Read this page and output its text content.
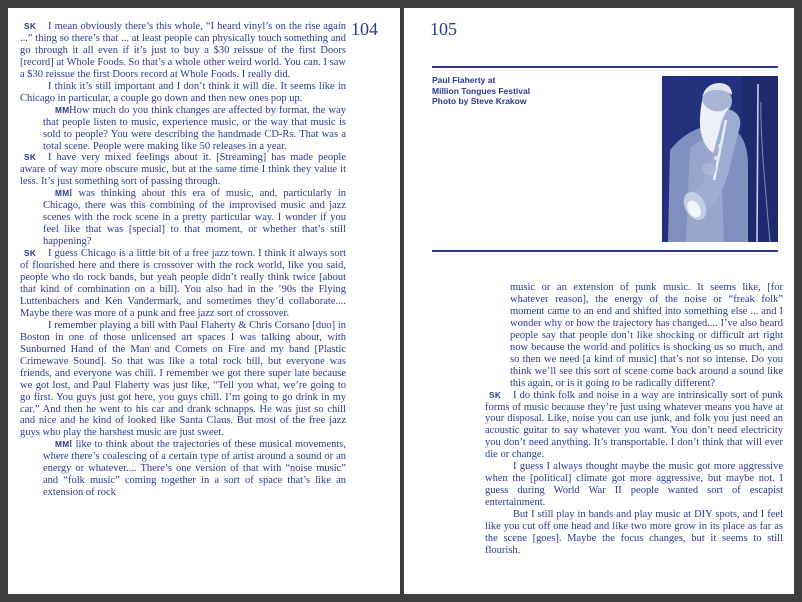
104

SK I mean obviously there’s this whole, “I heard vinyl’s on the rise again ...” thing so there’s that ... at least people can physically touch something and go through it all even if it’s just to buy a $30 reissue of the first Doors [record] at Whole Foods. So that’s a whole other weird world. You can. I saw a $30 reissue the first Doors record at Whole Foods. I really did.

I think it’s still important and I don’t think it will die. It seems like in Chicago in particular, a couple go down and then new ones pop up.

MMHow much do you think changes are affected by format, the way that people listen to music, experience music, or the way that music is sold to people? You were describing the handmade CD-Rs. That was a total scene. People were making like 50 releases in a year.

SK I have very mixed feelings about it. [Streaming] has made people aware of way more obscure music, but at the same time I think they value it less. It’s just something sort of passing through.

MMI was thinking about this era of music, and, particularly in Chicago, there was this combining of the improvised music and jazz scenes with the rock scene in a pretty particular way. I wonder if you feel like that was [special] to that moment, or whether that’s still happening?

SK I guess Chicago is a little bit of a free jazz town. I think it always sort of flourished here and there is crossover with the rock world, like you said, people who do rock bands, but yeah people didn’t really think twice [about that kind of combination on a bill]. You also had in the ’90s the Flying Luttenbachers and Ken Vandermark, and sometimes they’d collaborate.... Maybe there was more of a punk and free jazz sort of crossover.

I remember playing a bill with Paul Flaherty & Chris Corsano [duo] in Boston in one of those unlicensed art spaces I was talking about, with Sunburned Hand of the Man and Comets on Fire and my band [Plastic Crimewave Sound]. So that was like a total rock bill, but everyone was friends, and everyone was chill. I remember we got there super late because we got lost, and Paul Flaherty was just like, “Tell you what, we’re going to go first. You guys just got here, you guys chill. I’m going to go drink in my car.” And then he went to his car and drank schnapps. He was just so chill and nice and he kind of looked like Santa Claus. But most of the free jazz guys who play the harshest music are just sweet.

MMI like to think about the trajectories of these musical movements, where there’s coalescing of a certain type of artist around a sound or an energy or whatever.... There’s one version of that with “noise music” and “folk music” coming together in a sort of space that’s like an extension of rock

105
Paul Flaherty at
Million Tongues Festival
Photo by Steve Krakow

music or an extension of punk music. It seems like, [for whatever reason], the energy of the noise or “freak folk” moment came to an end and shifted into something else ... and I wonder why or how the trajectory has changed.... I’ve also heard people say that people don’t like shocking or difficult art right now because the world and politics is shocking us so much, and so then we need [a kind of music] that’s not so intense. Do you think we’ll see this sort of scene come back around a sound like this again, or is it going to be radically different?

SK I do think folk and noise in a way are intrinsically sort of punk forms of music because they’re just using whatever means you have at your disposal. Like, noise you can use junk, and folk you just need an acoustic guitar to say whatever you want. You don’t need electricity you don’t need anything. It’s transportable. I don’t think that will ever die or change.

I guess I always thought maybe the music got more aggressive when the [political] climate got more aggressive, but maybe not. I guess during World War II people wanted sort of escapist entertainment.

But I still play in bands and play music at DIY spots, and I feel like you cut off one head and like two more grow in its place as far as the scene [goes]. Maybe the focus changes, but it seems to still flourish.
